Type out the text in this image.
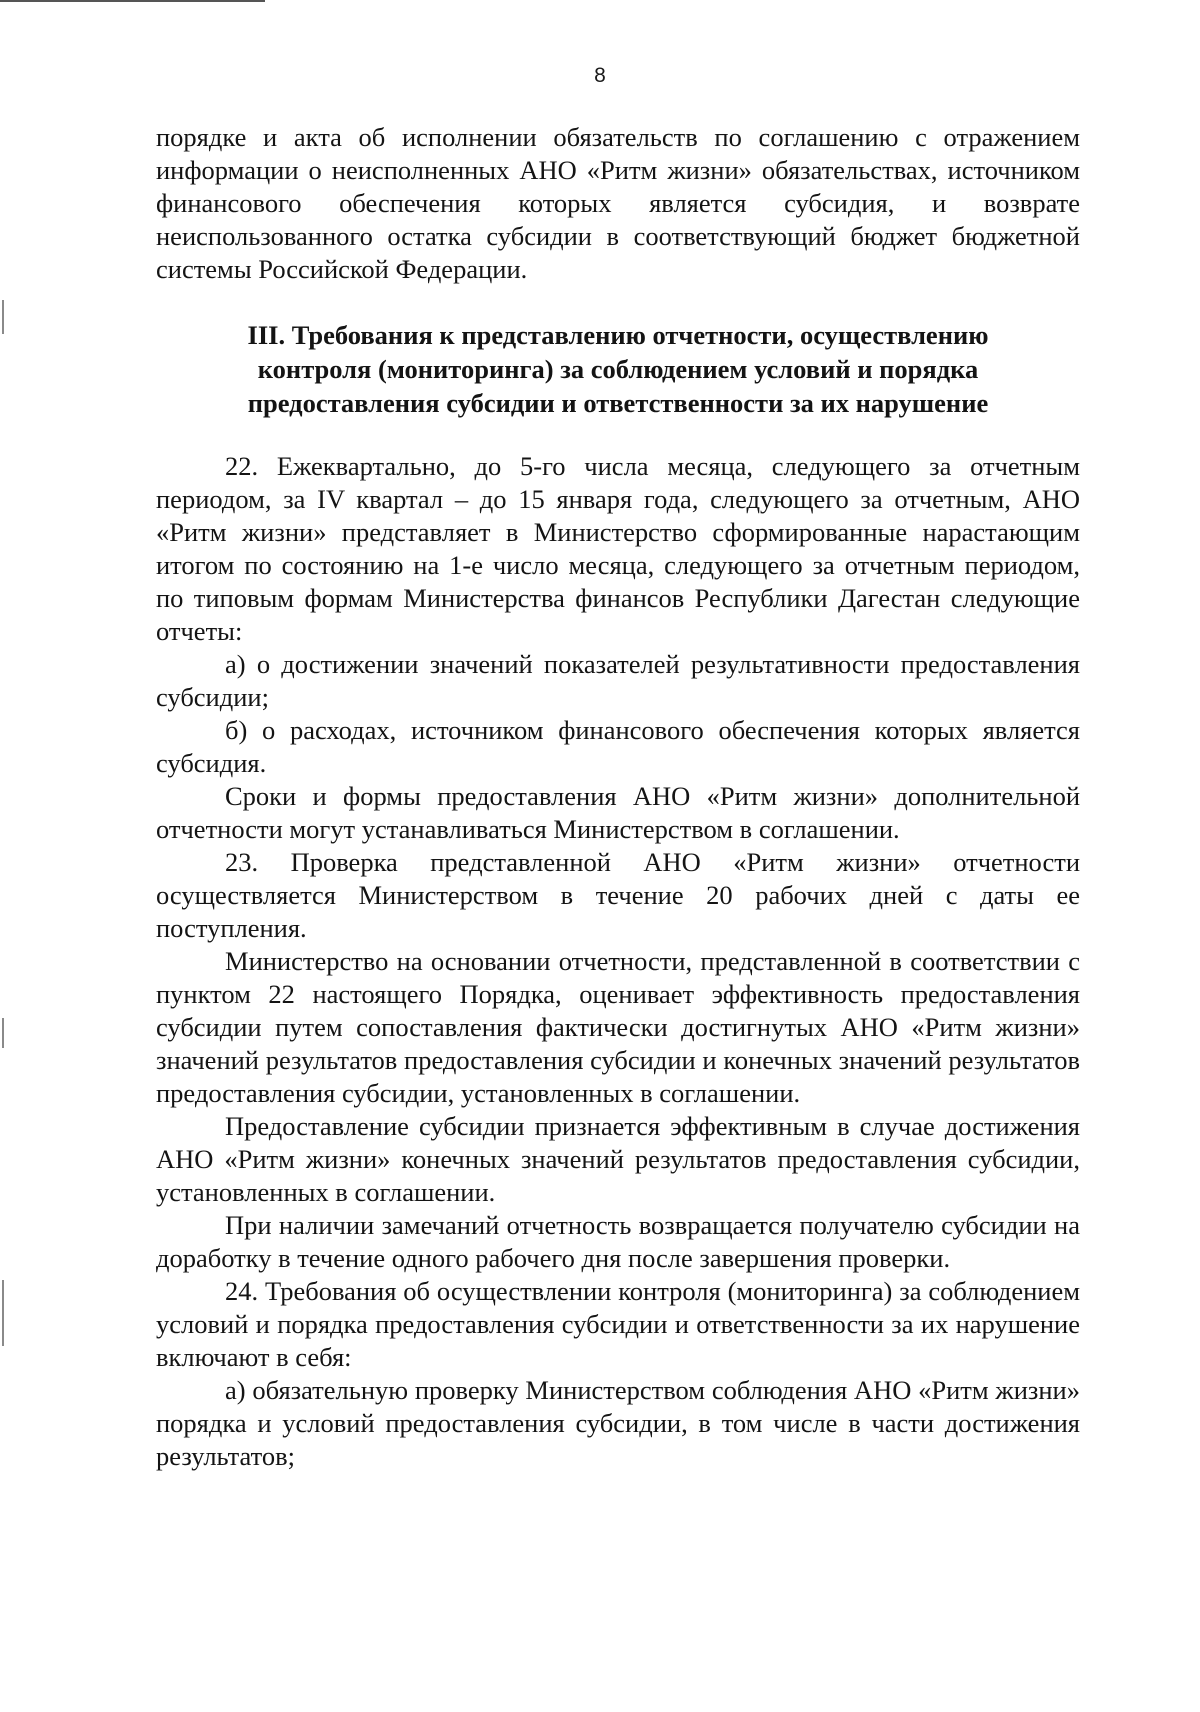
8

порядке и акта об исполнении обязательств по соглашению с отражением информации о неисполненных АНО «Ритм жизни» обязательствах, источником финансового обеспечения которых является субсидия, и возврате неиспользованного остатка субсидии в соответствующий бюджет бюджетной системы Российской Федерации.

III. Требования к представлению отчетности, осуществлению
контроля (мониторинга) за соблюдением условий и порядка
предоставления субсидии и ответственности за их нарушение

22. Ежеквартально, до 5-го числа месяца, следующего за отчетным периодом, за IV квартал – до 15 января года, следующего за отчетным, АНО «Ритм жизни» представляет в Министерство сформированные нарастающим итогом по состоянию на 1-е число месяца, следующего за отчетным периодом, по типовым формам Министерства финансов Республики Дагестан следующие отчеты:

а) о достижении значений показателей результативности предоставления субсидии;

б) о расходах, источником финансового обеспечения которых является субсидия.

Сроки и формы предоставления АНО «Ритм жизни» дополнительной отчетности могут устанавливаться Министерством в соглашении.

23. Проверка представленной АНО «Ритм жизни» отчетности осуществляется Министерством в течение 20 рабочих дней с даты ее поступления.

Министерство на основании отчетности, представленной в соответствии с пунктом 22 настоящего Порядка, оценивает эффективность предоставления субсидии путем сопоставления фактически достигнутых АНО «Ритм жизни» значений результатов предоставления субсидии и конечных значений результатов предоставления субсидии, установленных в соглашении.

Предоставление субсидии признается эффективным в случае достижения АНО «Ритм жизни» конечных значений результатов предоставления субсидии, установленных в соглашении.

При наличии замечаний отчетность возвращается получателю субсидии на доработку в течение одного рабочего дня после завершения проверки.

24. Требования об осуществлении контроля (мониторинга) за соблюдением условий и порядка предоставления субсидии и ответственности за их нарушение включают в себя:

а) обязательную проверку Министерством соблюдения АНО «Ритм жизни» порядка и условий предоставления субсидии, в том числе в части достижения результатов;
